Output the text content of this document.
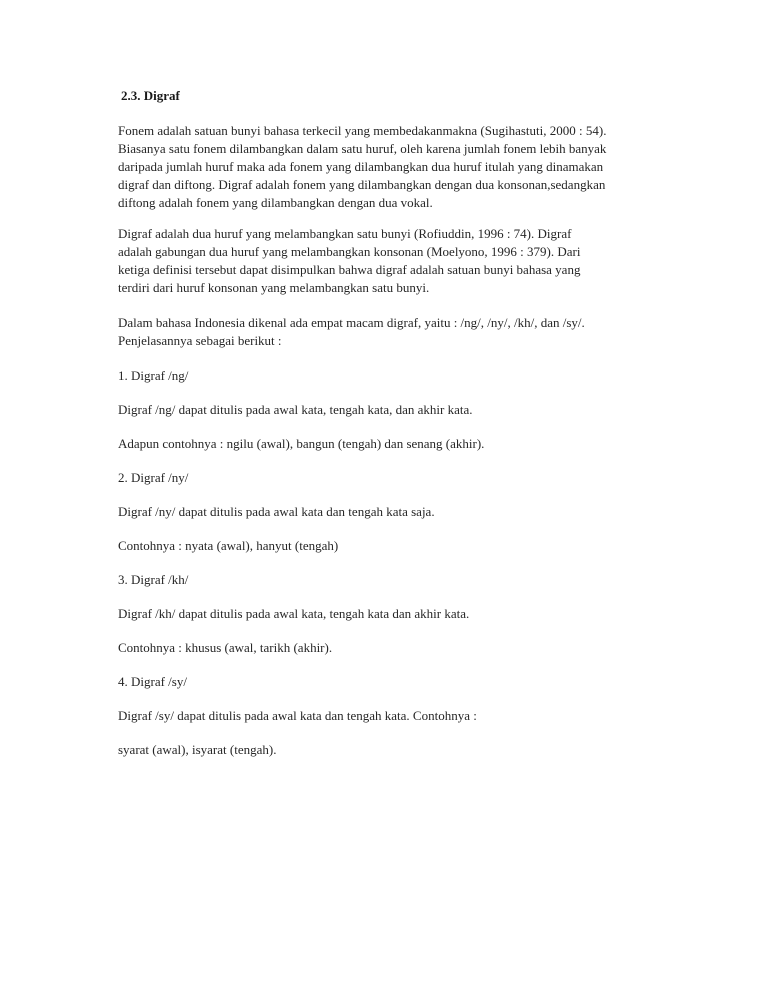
2.3. Digraf
Fonem adalah satuan bunyi bahasa terkecil yang membedakanmakna (Sugihastuti, 2000 : 54).
Biasanya satu fonem dilambangkan dalam satu huruf, oleh karena jumlah fonem lebih banyak
daripada jumlah huruf maka ada fonem yang dilambangkan dua huruf itulah yang dinamakan
digraf dan diftong. Digraf adalah fonem yang dilambangkan dengan dua konsonan,sedangkan
diftong adalah fonem yang dilambangkan dengan dua vokal.
Digraf adalah dua huruf yang melambangkan satu bunyi (Rofiuddin, 1996 : 74). Digraf
adalah gabungan dua huruf yang melambangkan konsonan (Moelyono, 1996 : 379). Dari
ketiga definisi tersebut dapat disimpulkan bahwa digraf adalah satuan bunyi bahasa yang
terdiri dari huruf konsonan yang melambangkan satu bunyi.
Dalam bahasa Indonesia dikenal ada empat macam digraf, yaitu : /ng/, /ny/, /kh/, dan /sy/.
Penjelasannya sebagai berikut :
1. Digraf /ng/
Digraf /ng/ dapat ditulis pada awal kata, tengah kata, dan akhir kata.
Adapun contohnya : ngilu (awal), bangun (tengah) dan senang (akhir).
2. Digraf /ny/
Digraf /ny/ dapat ditulis pada awal kata dan tengah kata saja.
Contohnya : nyata (awal), hanyut (tengah)
3. Digraf /kh/
Digraf /kh/ dapat ditulis pada awal kata, tengah kata dan akhir kata.
Contohnya : khusus (awal, tarikh (akhir).
4. Digraf /sy/
Digraf /sy/ dapat ditulis pada awal kata dan tengah kata. Contohnya :
syarat (awal), isyarat (tengah).
